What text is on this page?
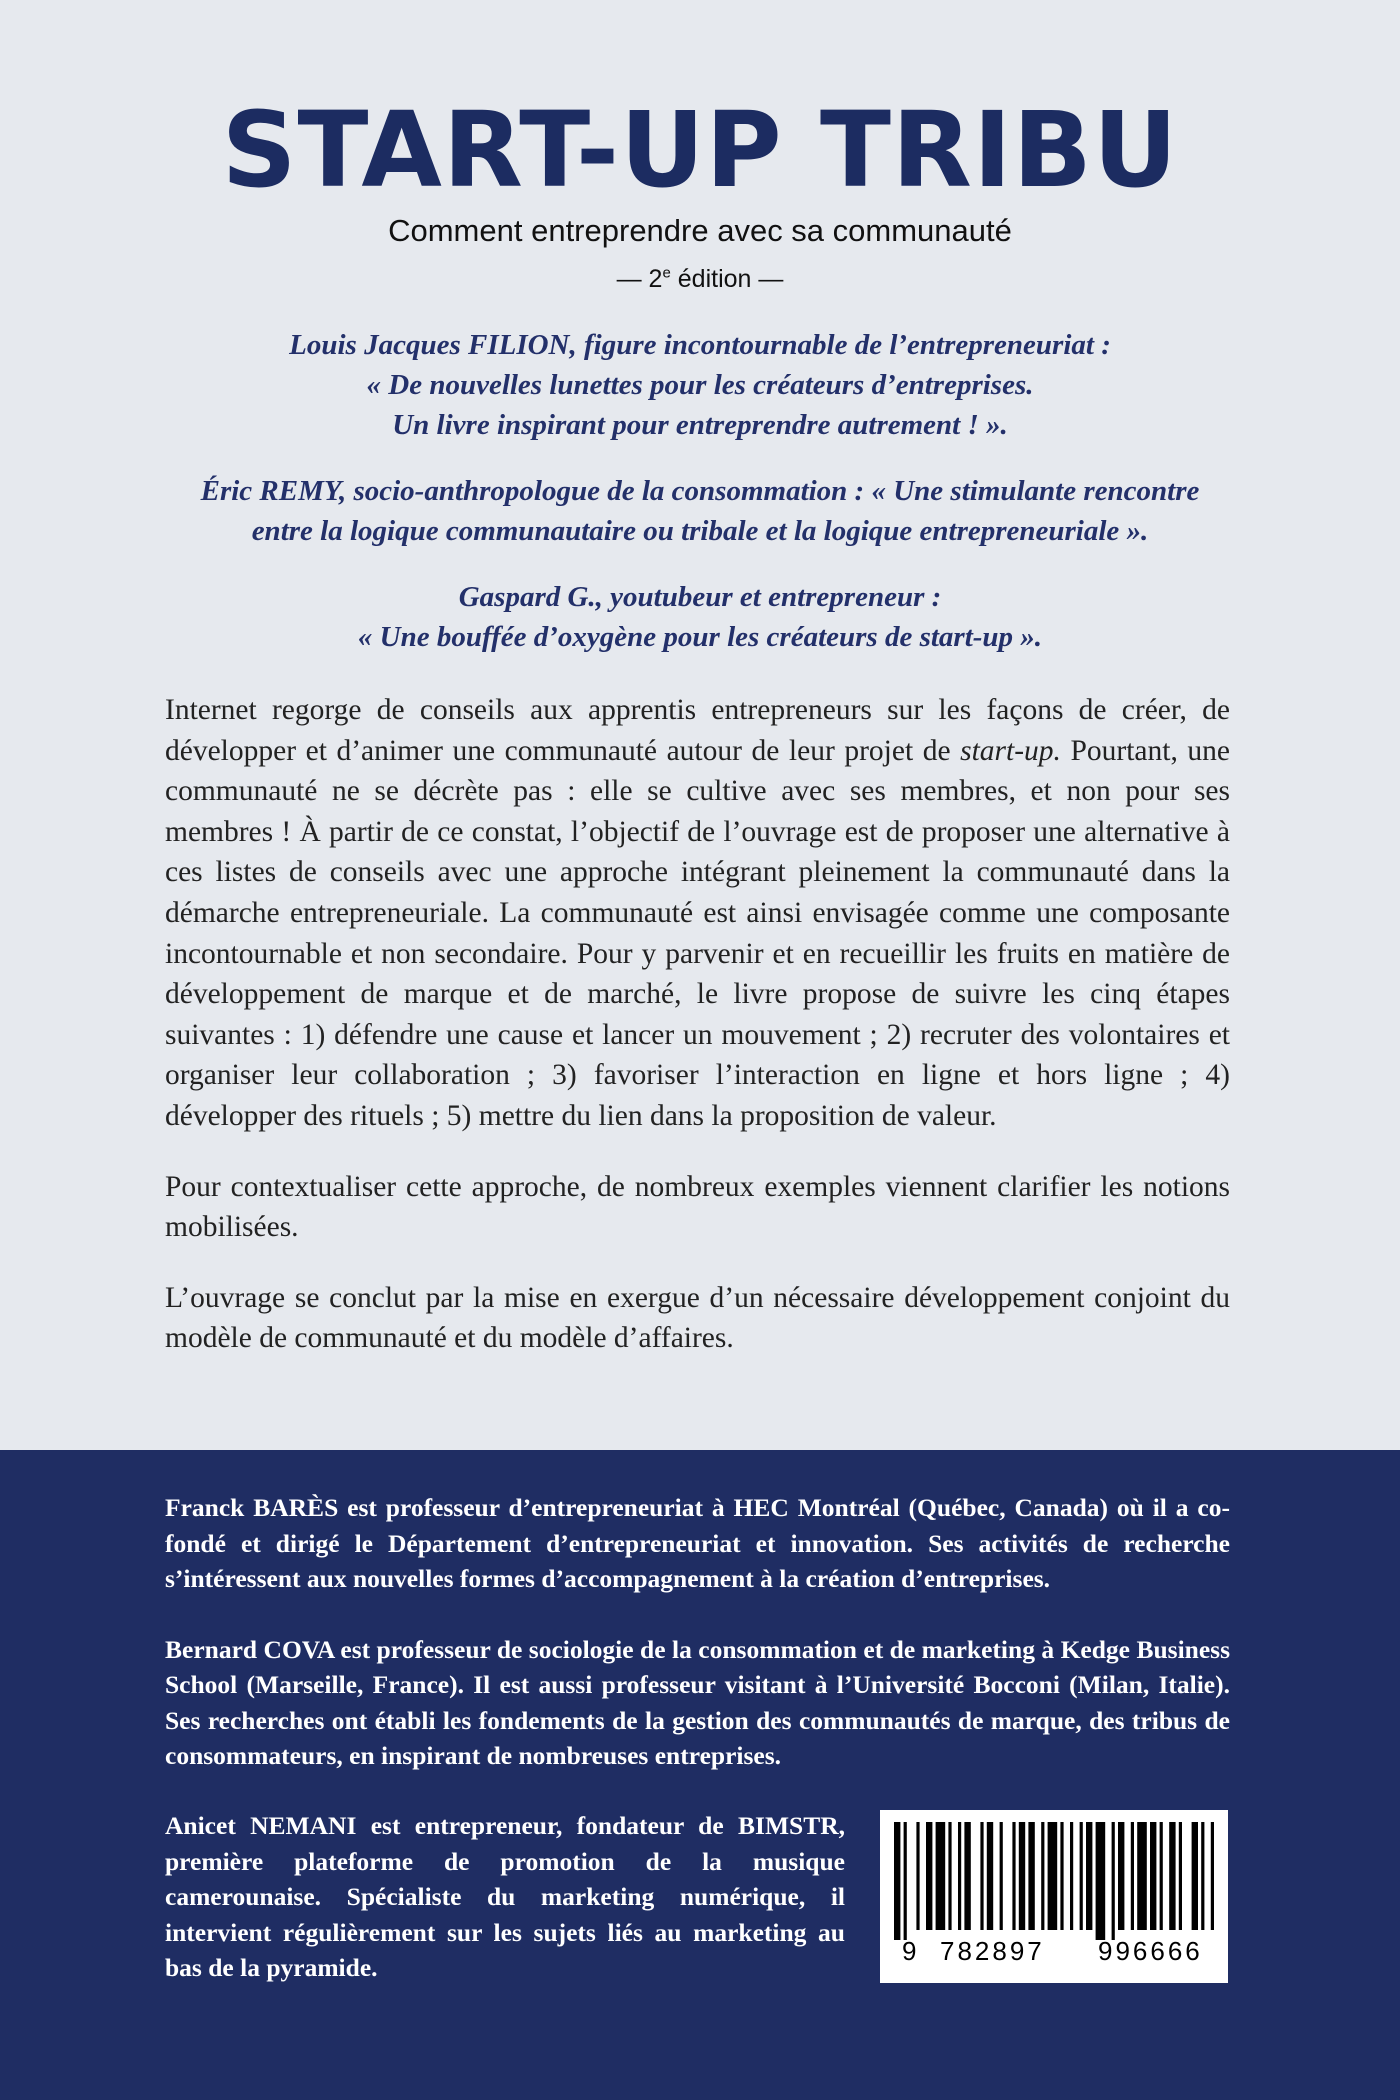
START-UP TRIBU
Comment entreprendre avec sa communauté
— 2e édition —
Louis Jacques FILION, figure incontournable de l’entrepreneuriat :
« De nouvelles lunettes pour les créateurs d’entreprises.
Un livre inspirant pour entreprendre autrement ! ».
Éric REMY, socio-anthropologue de la consommation : « Une stimulante rencontre
entre la logique communautaire ou tribale et la logique entrepreneuriale ».
Gaspard G., youtubeur et entrepreneur :
« Une bouffée d’oxygène pour les créateurs de start-up ».

Internet regorge de conseils aux apprentis entrepreneurs sur les façons de créer, de développer et d’animer une communauté autour de leur projet de start-up. Pourtant, une communauté ne se décrète pas : elle se cultive avec ses membres, et non pour ses membres ! À partir de ce constat, l’objectif de l’ouvrage est de proposer une alternative à ces listes de conseils avec une approche intégrant pleinement la communauté dans la démarche entrepreneuriale. La communauté est ainsi envisagée comme une composante incontournable et non secondaire. Pour y parvenir et en recueillir les fruits en matière de développement de marque et de marché, le livre propose de suivre les cinq étapes suivantes : 1) défendre une cause et lancer un mouvement ; 2) recruter des volontaires et organiser leur collaboration ; 3) favoriser l’interaction en ligne et hors ligne ; 4) développer des rituels ; 5) mettre du lien dans la proposition de valeur.

Pour contextualiser cette approche, de nombreux exemples viennent clarifier les notions mobilisées.

L’ouvrage se conclut par la mise en exergue d’un nécessaire développement conjoint du modèle de communauté et du modèle d’affaires.

Franck BARÈS est professeur d’entrepreneuriat à HEC Montréal (Québec, Canada) où il a co-fondé et dirigé le Département d’entrepreneuriat et innovation. Ses activités de recherche s’intéressent aux nouvelles formes d’accompagnement à la création d’entreprises.

Bernard COVA est professeur de sociologie de la consommation et de marketing à Kedge Business School (Marseille, France). Il est aussi professeur visitant à l’Université Bocconi (Milan, Italie). Ses recherches ont établi les fondements de la gestion des communautés de marque, des tribus de consommateurs, en inspirant de nombreuses entreprises.

Anicet NEMANI est entrepreneur, fondateur de BIMSTR, première plateforme de promotion de la musique camerounaise. Spécialiste du marketing numérique, il intervient régulièrement sur les sujets liés au marketing au bas de la pyramide.

9 782897 996666
